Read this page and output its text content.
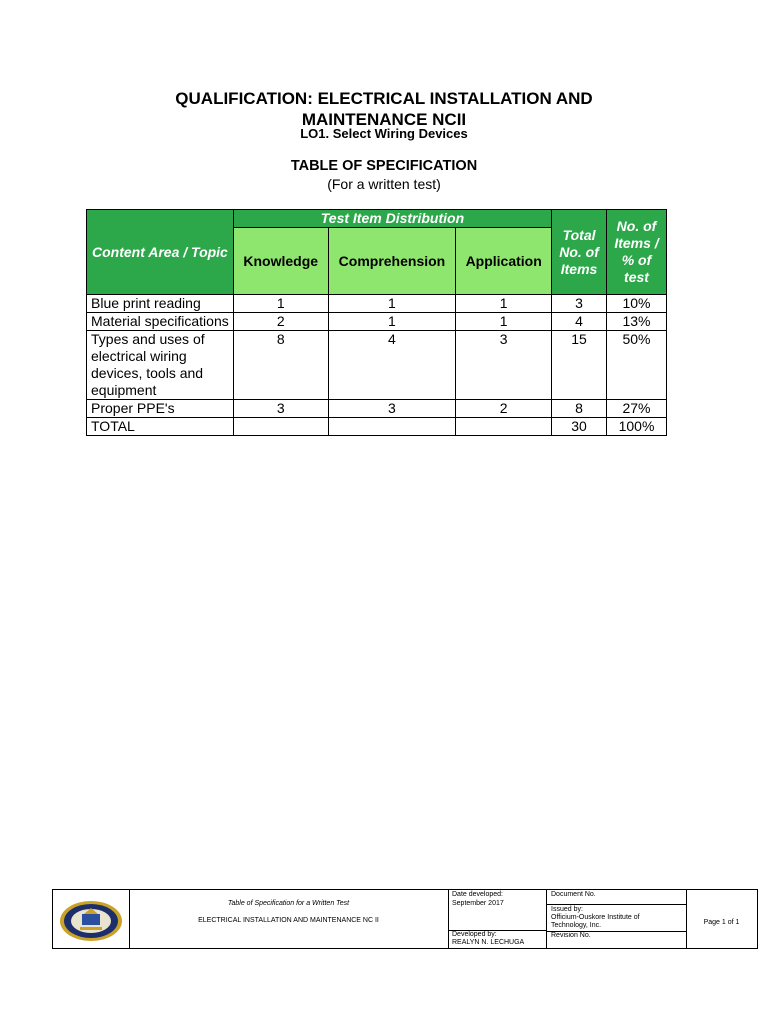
QUALIFICATION: ELECTRICAL INSTALLATION AND
MAINTENANCE NCII
LO1. Select Wiring Devices
TABLE OF SPECIFICATION
(For a written test)
Content Area / Topic	Test Item Distribution			Total No. of Items	No. of Items / % of test
	Knowledge	Comprehension	Application		
Blue print reading	1	1	1	3	10%
Material specifications	2	1	1	4	13%
Types and uses of electrical wiring devices, tools and equipment	8	4	3	15	50%
Proper PPE's	3	3	2	8	27%
TOTAL				30	100%
Table of Specification for a Written Test
ELECTRICAL INSTALLATION AND MAINTENANCE NC II
Date developed:
September 2017
Developed by:
REALYN N. LECHUGA
Document No.
Issued by:
Officium-Ouskore Institute of Technology, Inc.
Revision No.
Page 1 of 1
